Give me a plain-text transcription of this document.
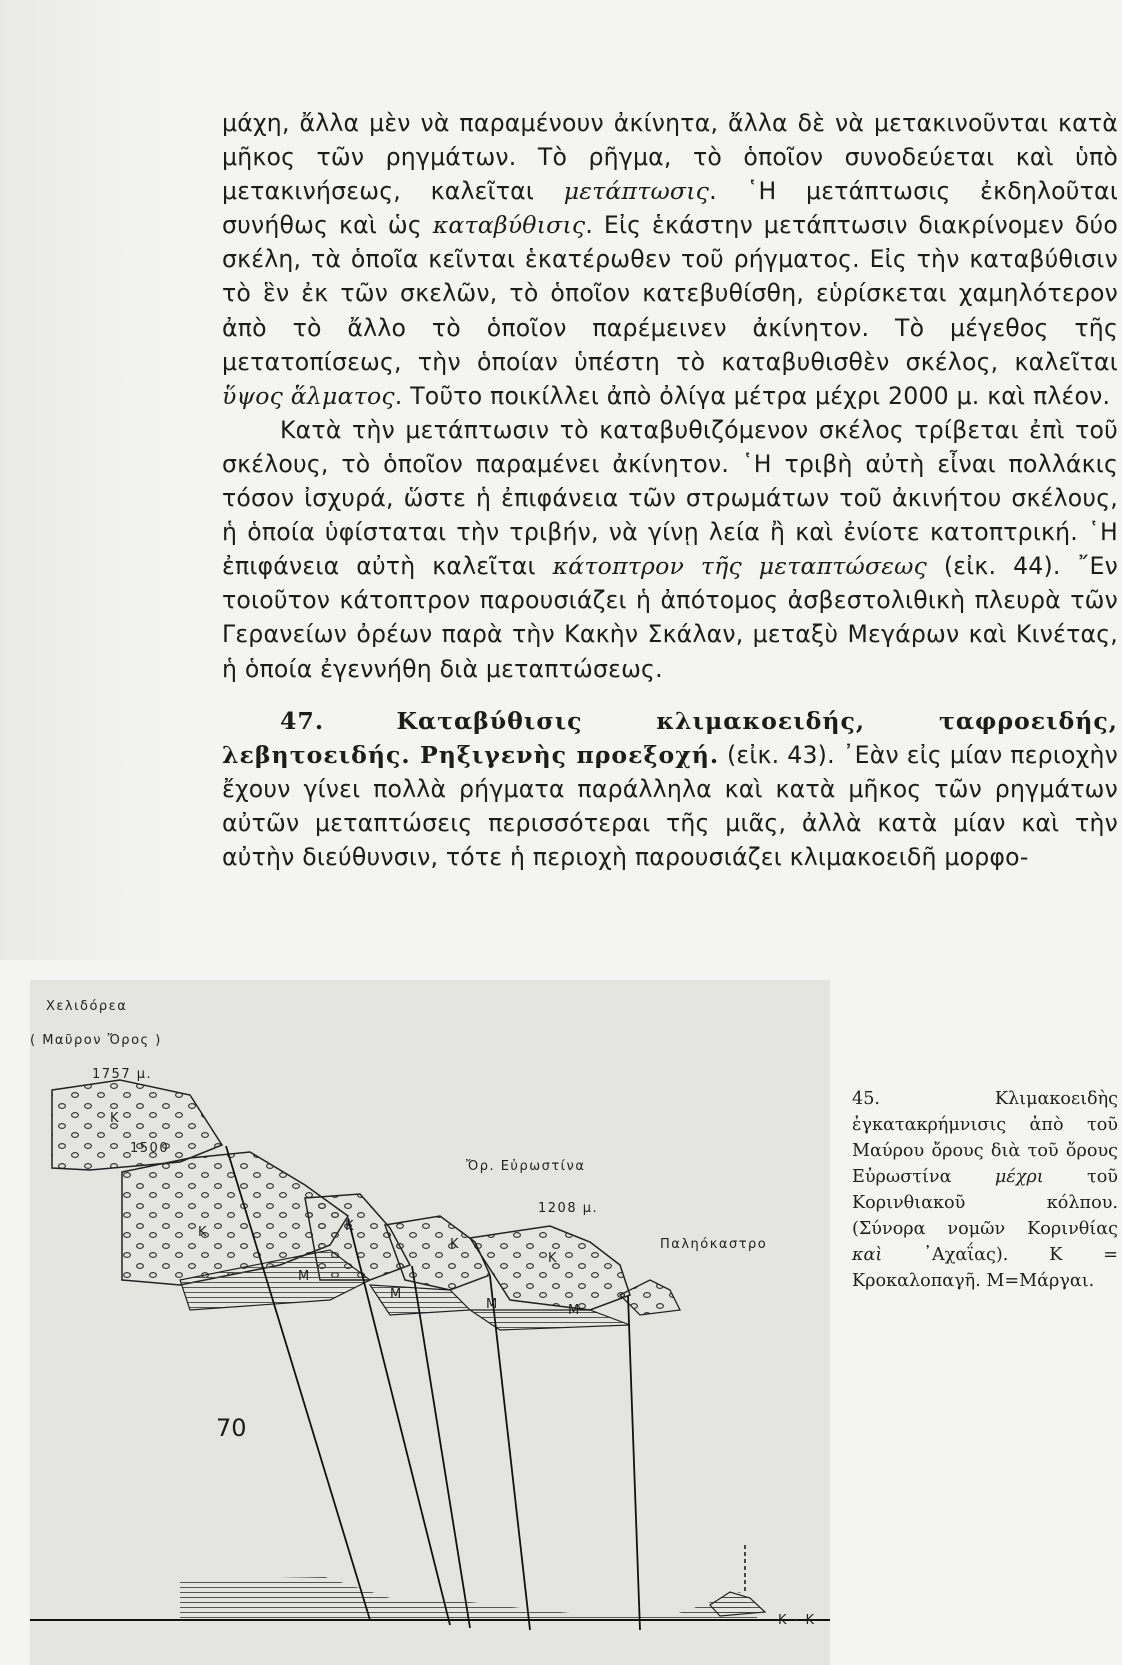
μάχη, ἄλλα μὲν νὰ παραμένουν ἀκίνητα, ἄλλα δὲ νὰ μετακινοῦνται κατὰ μῆκος τῶν ρηγμάτων. Τὸ ρῆγμα, τὸ ὁποῖον συνοδεύεται καὶ ὑπὸ μετακινήσεως, καλεῖται μετάπτωσις. ῾Η μετάπτωσις ἐκδηλοῦται συνήθως καὶ ὡς καταβύθισις. Εἰς ἑκάστην μετάπτωσιν διακρίνομεν δύο σκέλη, τὰ ὁποῖα κεῖνται ἑκατέρωθεν τοῦ ρήγματος. Εἰς τὴν καταβύθισιν τὸ ἓν ἐκ τῶν σκελῶν, τὸ ὁποῖον κατεβυθίσθη, εὑρίσκεται χαμηλότερον ἀπὸ τὸ ἄλλο τὸ ὁποῖον παρέμεινεν ἀκίνητον. Τὸ μέγεθος τῆς μετατοπίσεως, τὴν ὁποίαν ὑπέστη τὸ καταβυθισθὲν σκέλος, καλεῖται ὕψος ἅλματος. Τοῦτο ποικίλλει ἀπὸ ὀλίγα μέτρα μέχρι 2000 μ. καὶ πλέον.

Κατὰ τὴν μετάπτωσιν τὸ καταβυθιζόμενον σκέλος τρίβεται ἐπὶ τοῦ σκέλους, τὸ ὁποῖον παραμένει ἀκίνητον. ῾Η τριβὴ αὐτὴ εἶναι πολλάκις τόσον ἰσχυρά, ὥστε ἡ ἐπιφάνεια τῶν στρωμάτων τοῦ ἀκινήτου σκέλους, ἡ ὁποία ὑφίσταται τὴν τριβήν, νὰ γίνῃ λεία ἢ καὶ ἐνίοτε κατοπτρική. ῾Η ἐπιφάνεια αὐτὴ καλεῖται κάτοπτρον τῆς μεταπτώσεως (εἰκ. 44). ῎Εν τοιοῦτον κάτοπτρον παρουσιάζει ἡ ἀπότομος ἀσβεστολιθικὴ πλευρὰ τῶν Γερανείων ὀρέων παρὰ τὴν Κακὴν Σκάλαν, μεταξὺ Μεγάρων καὶ Κινέτας, ἡ ὁποία ἐγεννήθη διὰ μεταπτώσεως.

47.	Καταβύθισις κλιμακοειδής, ταφροειδής, λεβητοειδής. Ρηξιγενὴς προεξοχή. (εἰκ. 43). ᾿Εὰν εἰς μίαν περιοχὴν ἔχουν γίνει πολλὰ ρήγματα παράλληλα καὶ κατὰ μῆκος τῶν ρηγμάτων αὐτῶν μεταπτώσεις περισσότεραι τῆς μιᾶς, ἀλλὰ κατὰ μίαν καὶ τὴν αὐτὴν διεύθυνσιν, τότε ἡ περιοχὴ παρουσιάζει κλιμακοειδῆ μορφο-

Χελιδόρεα
( Μαῦρον Ὄρος )
1757 μ.
1500
Ὄρ. Εὐρωστίνα
1208 μ.
Παληόκαστρο
K
K	K
K
K
M
M
M	M
K - K
45. Κλιμακοειδὴς ἐγκατακρήμνισις ἀπὸ τοῦ Μαύρου ὄρους διὰ τοῦ ὄρους Εὐρωστίνα μέχρι τοῦ Κορινθιακοῦ κόλπου. (Σύνορα νομῶν Κορινθίας καὶ ᾿Αχαΐας). Κ = Κροκαλοπαγῆ. Μ=Μάργαι.
70
